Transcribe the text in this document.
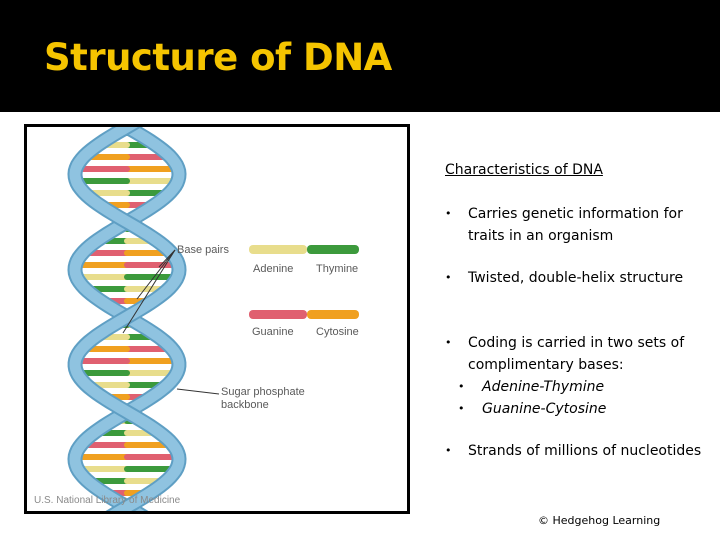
Structure of DNA
Base pairs
Adenine Thymine
Guanine Cytosine
Sugar phosphate
backbone
U.S. National Library of Medicine
Characteristics of DNA
• Carries genetic information for traits in an organism
• Twisted, double-helix structure
• Coding is carried in two sets of complimentary bases:
• Adenine-Thymine
• Guanine-Cytosine
• Strands of millions of nucleotides
© Hedgehog Learning
